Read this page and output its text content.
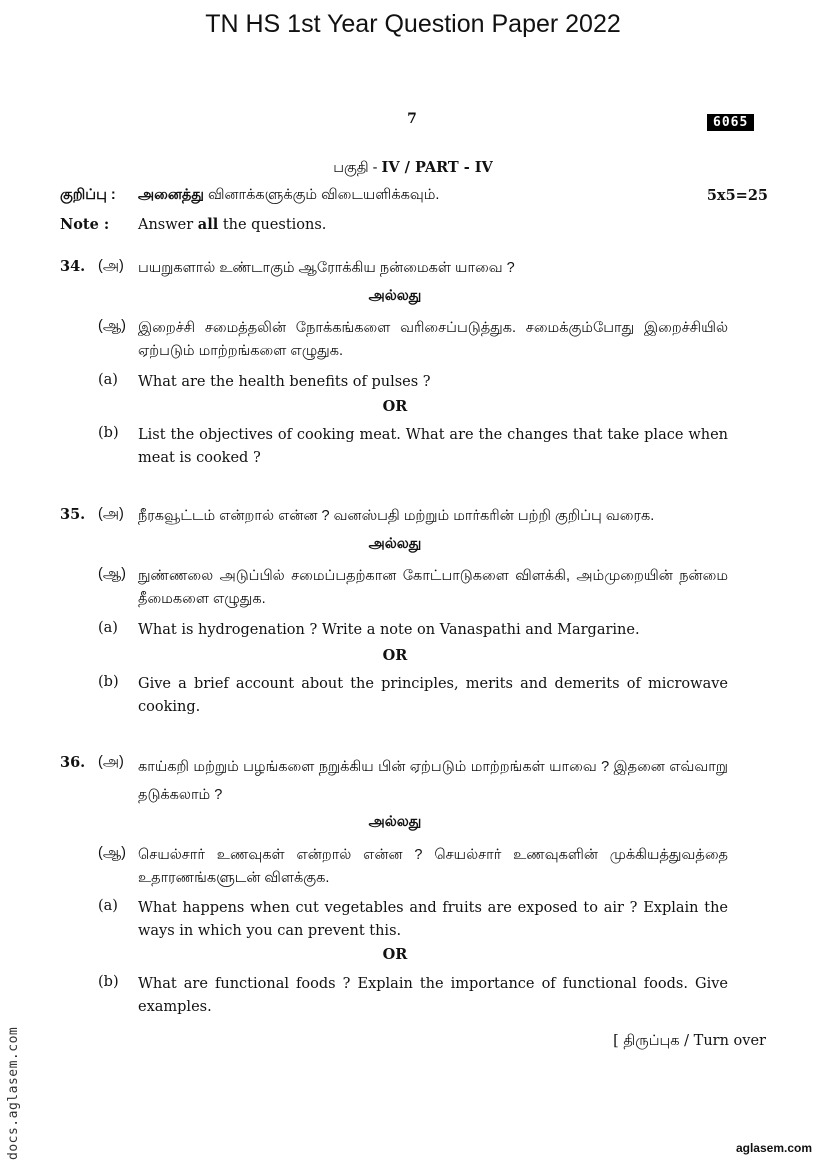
TN HS 1st Year Question Paper 2022
7	6065
பகுதி - IV / PART - IV
குறிப்பு : அனைத்து வினாக்களுக்கும் விடையளிக்கவும்.	5x5=25
Note : Answer all the questions.
34. (அ) பயறுகளால் உண்டாகும் ஆரோக்கிய நன்மைகள் யாவை ?
அல்லது
(ஆ) இறைச்சி சமைத்தலின் நோக்கங்களை வரிசைப்படுத்துக. சமைக்கும்போது இறைச்சியில் ஏற்படும் மாற்றங்களை எழுதுக.
(a) What are the health benefits of pulses ?
OR
(b) List the objectives of cooking meat. What are the changes that take place when meat is cooked ?
35. (அ) நீரகவூட்டம் என்றால் என்ன ? வனஸ்பதி மற்றும் மார்கரின் பற்றி குறிப்பு வரைக.
அல்லது
(ஆ) நுண்ணலை அடுப்பில் சமைப்பதற்கான கோட்பாடுகளை விளக்கி, அம்முறையின் நன்மை தீமைகளை எழுதுக.
(a) What is hydrogenation ? Write a note on Vanaspathi and Margarine.
OR
(b) Give a brief account about the principles, merits and demerits of microwave cooking.
36. (அ) காய்கறி மற்றும் பழங்களை நறுக்கிய பின் ஏற்படும் மாற்றங்கள் யாவை ? இதனை எவ்வாறு தடுக்கலாம் ?
அல்லது
(ஆ) செயல்சார் உணவுகள் என்றால் என்ன ? செயல்சார் உணவுகளின் முக்கியத்துவத்தை உதாரணங்களுடன் விளக்குக.
(a) What happens when cut vegetables and fruits are exposed to air ? Explain the ways in which you can prevent this.
OR
(b) What are functional foods ? Explain the importance of functional foods. Give examples.
[ திருப்புக / Turn over
docs.aglasem.com	aglasem.com
